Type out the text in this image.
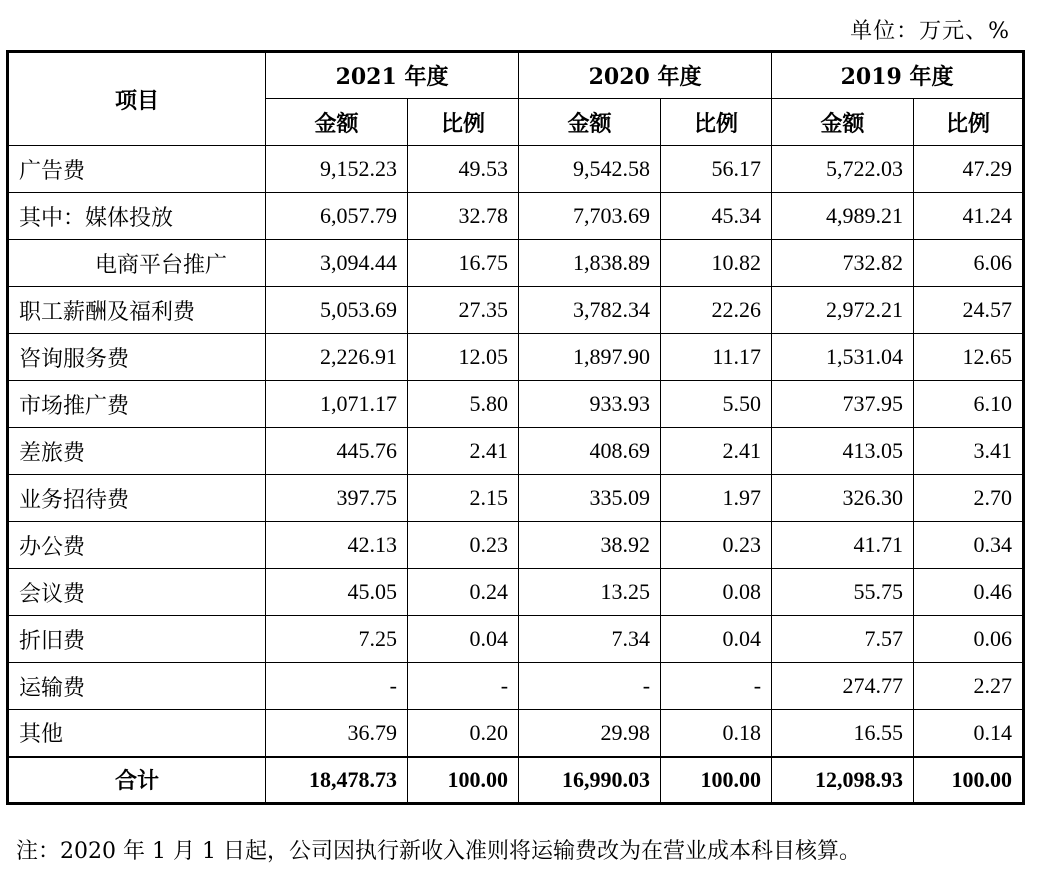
单位：万元、%
项目	2021 年度		2020 年度		2019 年度	
	金额	比例	金额	比例	金额	比例
广告费	9,152.23	49.53	9,542.58	56.17	5,722.03	47.29
其中：媒体投放	6,057.79	32.78	7,703.69	45.34	4,989.21	41.24
电商平台推广	3,094.44	16.75	1,838.89	10.82	732.82	6.06
职工薪酬及福利费	5,053.69	27.35	3,782.34	22.26	2,972.21	24.57
咨询服务费	2,226.91	12.05	1,897.90	11.17	1,531.04	12.65
市场推广费	1,071.17	5.80	933.93	5.50	737.95	6.10
差旅费	445.76	2.41	408.69	2.41	413.05	3.41
业务招待费	397.75	2.15	335.09	1.97	326.30	2.70
办公费	42.13	0.23	38.92	0.23	41.71	0.34
会议费	45.05	0.24	13.25	0.08	55.75	0.46
折旧费	7.25	0.04	7.34	0.04	7.57	0.06
运输费	-	-	-	-	274.77	2.27
其他	36.79	0.20	29.98	0.18	16.55	0.14
合计	18,478.73	100.00	16,990.03	100.00	12,098.93	100.00
注：2020 年 1 月 1 日起，公司因执行新收入准则将运输费改为在营业成本科目核算。
